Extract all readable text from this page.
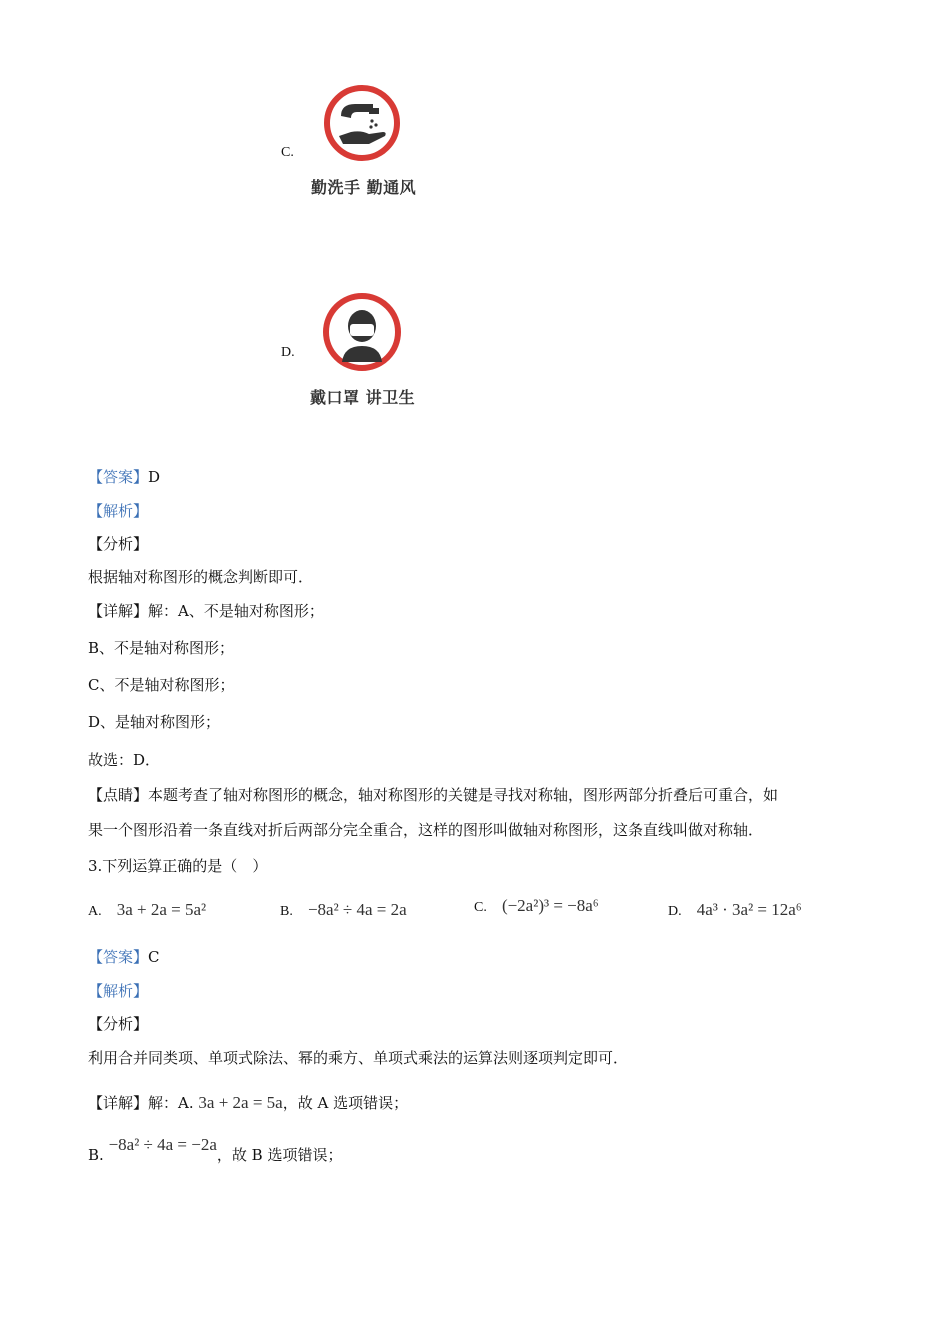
C.
勤洗手 勤通风
D.
戴口罩 讲卫生
【答案】D
【解析】
【分析】
根据轴对称图形的概念判断即可．
【详解】解：A、不是轴对称图形；
B、不是轴对称图形；
C、不是轴对称图形；
D、是轴对称图形；
故选：D．
【点睛】本题考查了轴对称图形的概念，轴对称图形的关键是寻找对称轴，图形两部分折叠后可重合，如
果一个图形沿着一条直线对折后两部分完全重合，这样的图形叫做轴对称图形，这条直线叫做对称轴．
3.下列运算正确的是（　）
A. 3a + 2a = 5a²	B. −8a² ÷ 4a = 2a	C. (−2a²)³ = −8a⁶	D. 4a³ · 3a² = 12a⁶
【答案】C
【解析】
【分析】
利用合并同类项、单项式除法、幂的乘方、单项式乘法的运算法则逐项判定即可．
【详解】解：A. 3a + 2a = 5a，故 A 选项错误；
B. −8a² ÷ 4a = −2a，故 B 选项错误；
